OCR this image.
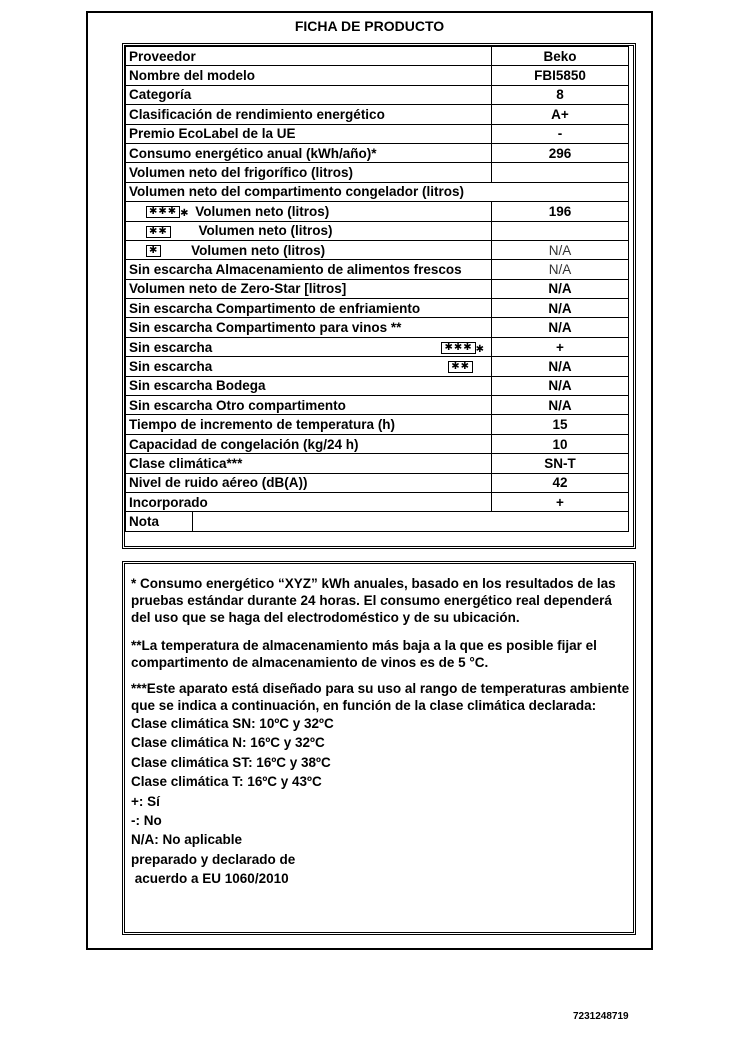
FICHA DE PRODUCTO
Proveedor	Beko
Nombre del modelo	FBI5850
Categoría	8
Clasificación de rendimiento energético	A+
Premio EcoLabel de la UE	-
Consumo energético anual (kWh/año)*	296
Volumen neto del frigorífico (litros)	
Volumen neto del compartimento congelador (litros)	
✱✱✱ ✱ Volumen neto (litros)	196
✱✱ Volumen neto (litros)	
✱ Volumen neto (litros)	N/A
Sin escarcha Almacenamiento de alimentos frescos	N/A
Volumen neto de Zero-Star [litros]	N/A
Sin escarcha Compartimento de enfriamiento	N/A
Sin escarcha Compartimento para vinos **	N/A
Sin escarcha ✱✱✱ ✱	+
Sin escarcha ✱✱	N/A
Sin escarcha Bodega	N/A
Sin escarcha Otro compartimento	N/A
Tiempo de incremento de temperatura (h)	15
Capacidad de congelación (kg/24 h)	10
Clase climática***	SN-T
Nivel de ruido aéreo (dB(A))	42
Incorporado	+

Nota	

* Consumo energético “XYZ” kWh anuales, basado en los resultados de las pruebas estándar durante 24 horas. El consumo energético real dependerá del uso que se haga del electrodoméstico y de su ubicación.

**La temperatura de almacenamiento más baja a la que es posible fijar el compartimento de almacenamiento de vinos es de 5 °C.

***Este aparato está diseñado para su uso al rango de temperaturas ambiente que se indica a continuación, en función de la clase climática declarada:

Clase climática SN: 10ºC y 32ºC

Clase climática N: 16ºC y 32ºC

Clase climática ST: 16ºC y 38ºC

Clase climática T: 16ºC y 43ºC

+: Sí

-: No

N/A: No aplicable

preparado y declarado de

acuerdo a EU 1060/2010

7231248719
